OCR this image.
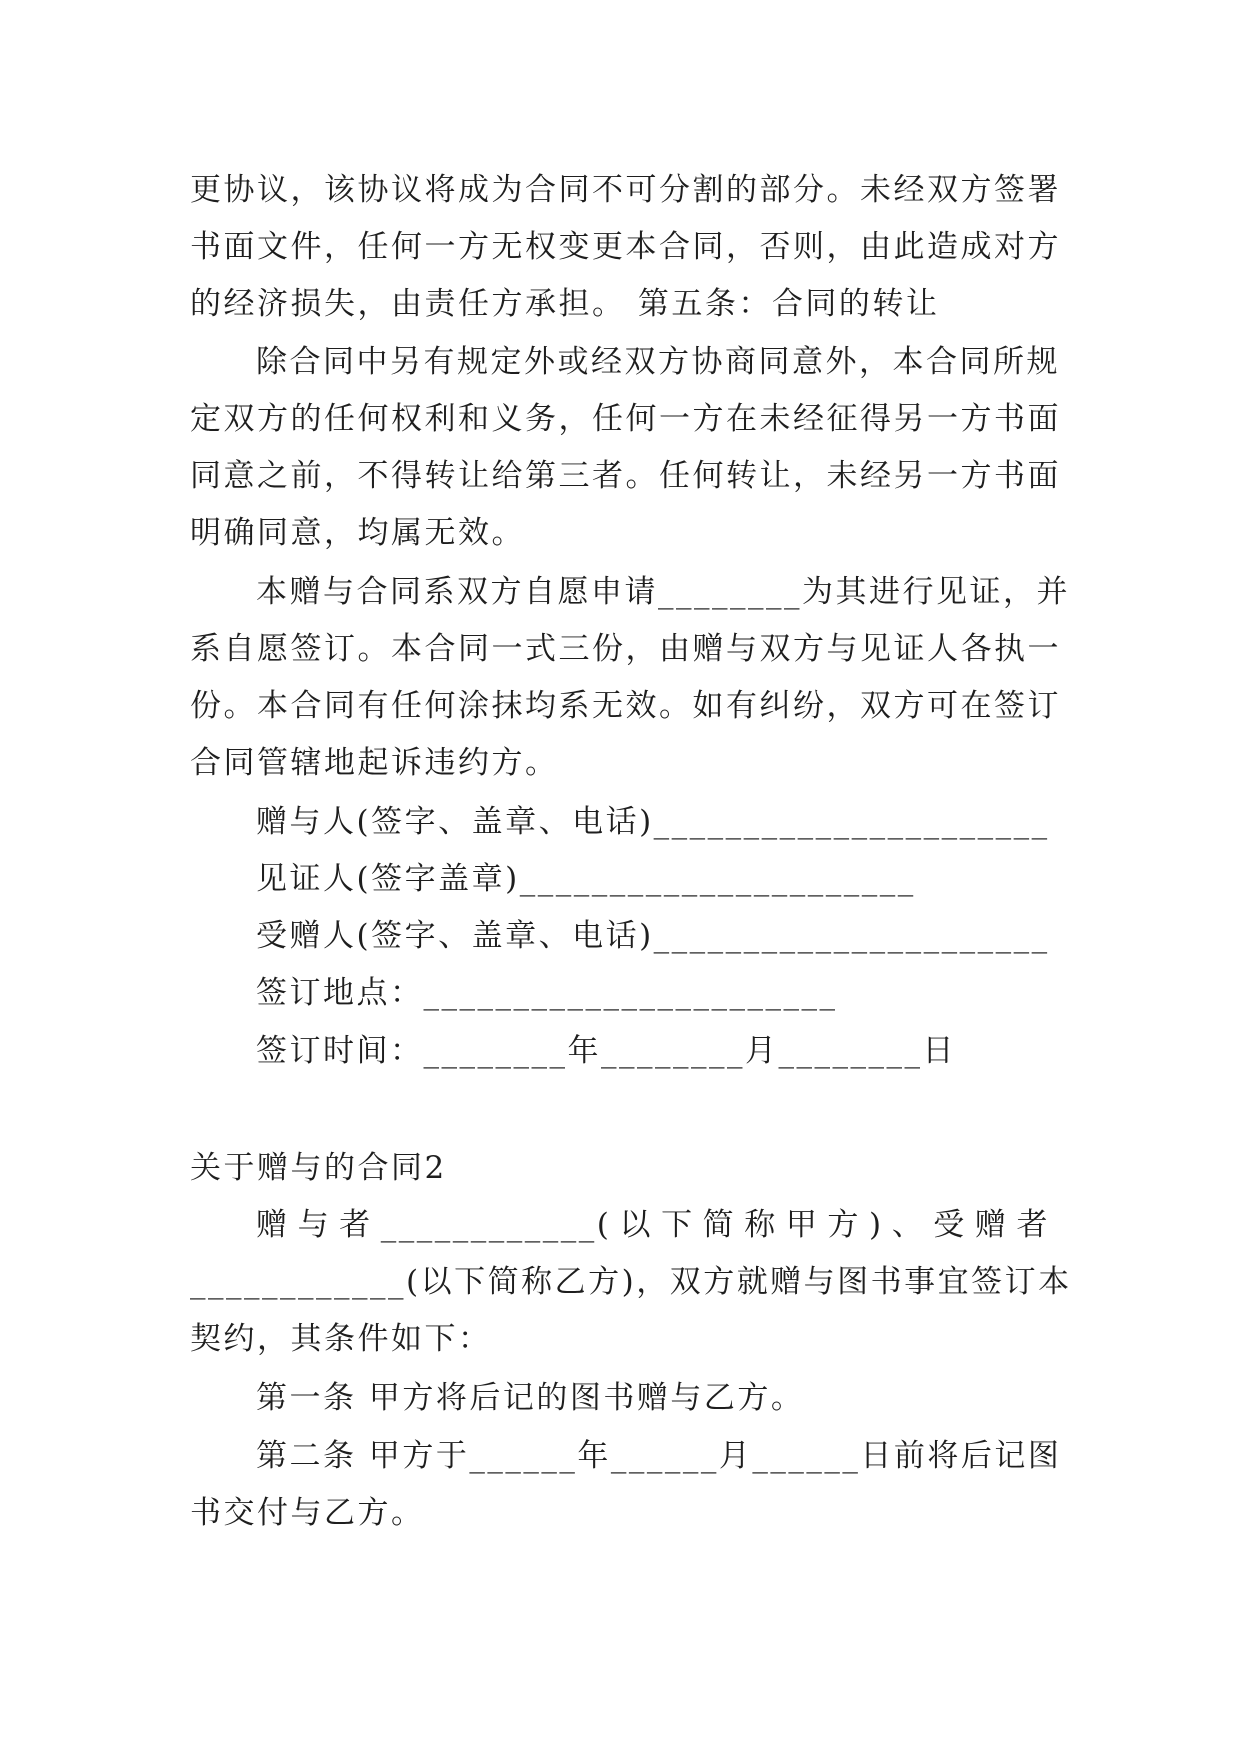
更协议，该协议将成为合同不可分割的部分。未经双方签署
书面文件，任何一方无权变更本合同，否则，由此造成对方
的经济损失，由责任方承担。 第五条：合同的转让
除合同中另有规定外或经双方协商同意外，本合同所规
定双方的任何权利和义务，任何一方在未经征得另一方书面
同意之前，不得转让给第三者。任何转让，未经另一方书面
明确同意，均属无效。
本赠与合同系双方自愿申请________为其进行见证，并
系自愿签订。本合同一式三份，由赠与双方与见证人各执一
份。本合同有任何涂抹均系无效。如有纠纷，双方可在签订
合同管辖地起诉违约方。
赠与人(签字、盖章、电话)______________________
见证人(签字盖章)______________________
受赠人(签字、盖章、电话)______________________
签订地点：_______________________
签订时间：________年________月________日
关于赠与的合同2
赠与者____________(以下简称甲方)、受赠者
____________(以下简称乙方)，双方就赠与图书事宜签订本
契约，其条件如下：
第一条 甲方将后记的图书赠与乙方。
第二条 甲方于______年______月______日前将后记图
书交付与乙方。
